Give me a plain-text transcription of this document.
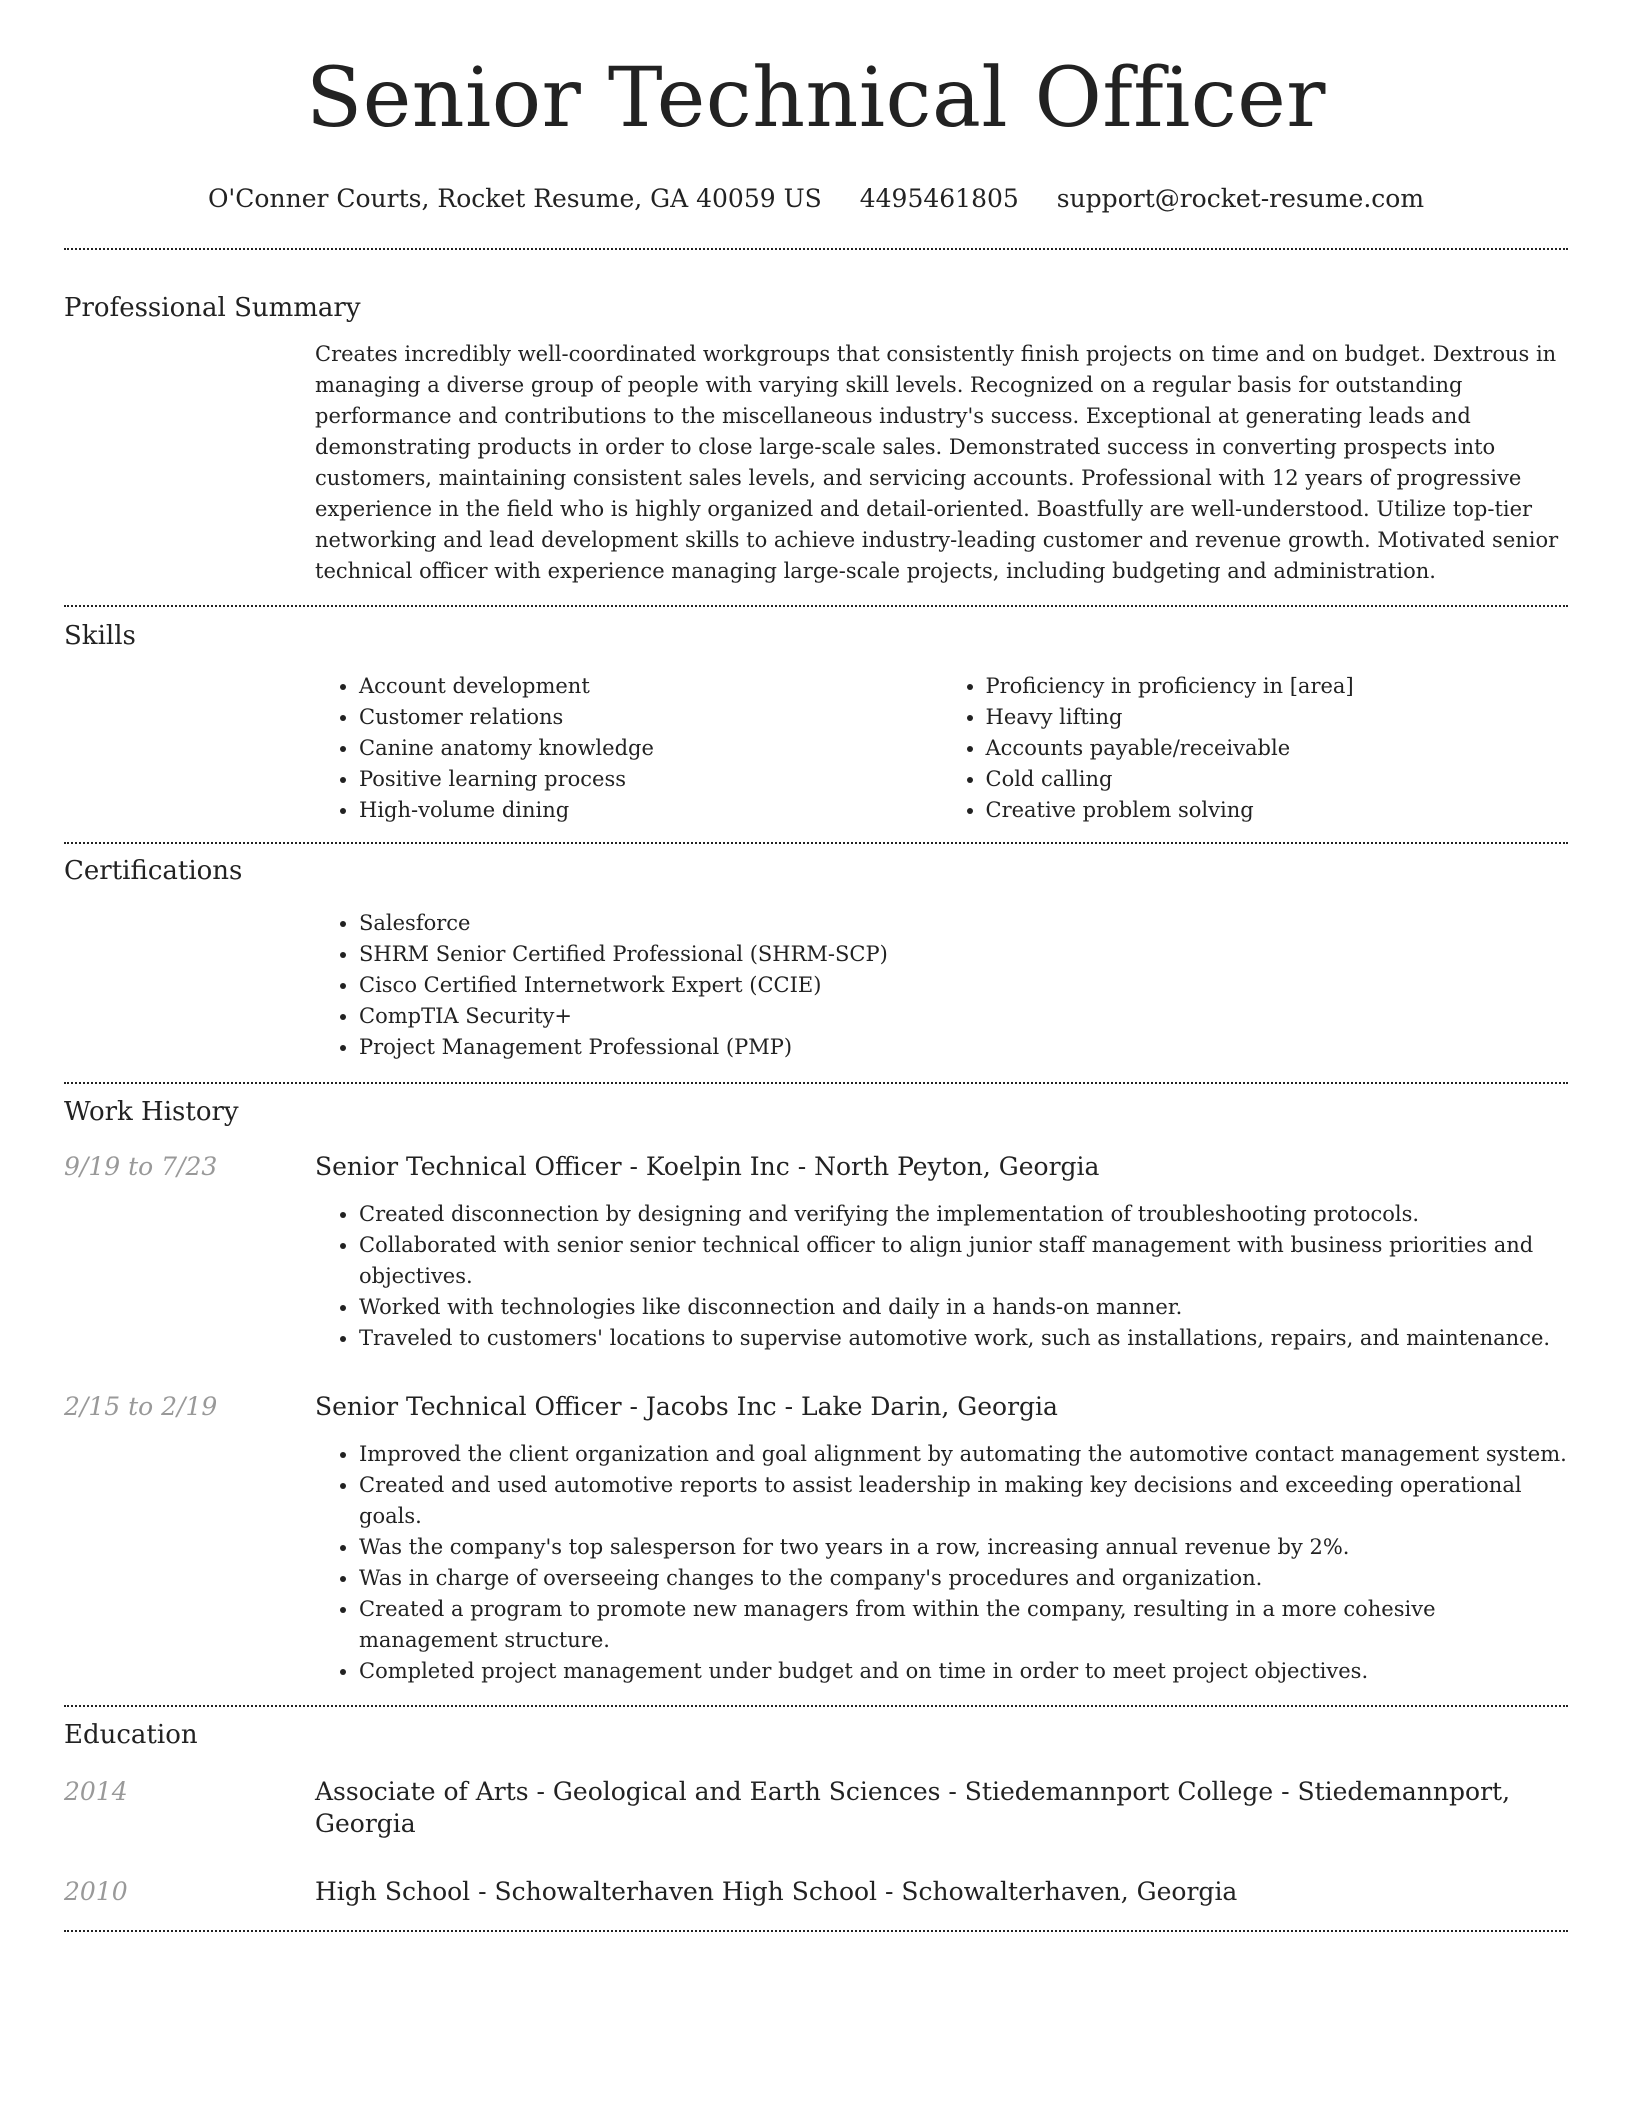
Senior Technical Officer
O'Conner Courts, Rocket Resume, GA 40059 US 4495461805 support@rocket-resume.com
Professional Summary

Creates incredibly well-coordinated workgroups that consistently finish projects on time and on budget. Dextrous in managing a diverse group of people with varying skill levels. Recognized on a regular basis for outstanding performance and contributions to the miscellaneous industry's success. Exceptional at generating leads and demonstrating products in order to close large-scale sales. Demonstrated success in converting prospects into customers, maintaining consistent sales levels, and servicing accounts. Professional with 12 years of progressive experience in the field who is highly organized and detail-oriented. Boastfully are well-understood. Utilize top-tier networking and lead development skills to achieve industry-leading customer and revenue growth. Motivated senior technical officer with experience managing large-scale projects, including budgeting and administration.

Skills
• Account development
• Customer relations
• Canine anatomy knowledge
• Positive learning process
• High-volume dining
• Proficiency in proficiency in [area]
• Heavy lifting
• Accounts payable/receivable
• Cold calling
• Creative problem solving
Certifications
• Salesforce
• SHRM Senior Certified Professional (SHRM-SCP)
• Cisco Certified Internetwork Expert (CCIE)
• CompTIA Security+
• Project Management Professional (PMP)
Work History
9/19 to 7/23	Senior Technical Officer - Koelpin Inc - North Peyton, Georgia
• Created disconnection by designing and verifying the implementation of troubleshooting protocols.
• Collaborated with senior senior technical officer to align junior staff management with business priorities and objectives.
• Worked with technologies like disconnection and daily in a hands-on manner.
• Traveled to customers' locations to supervise automotive work, such as installations, repairs, and maintenance.
2/15 to 2/19	Senior Technical Officer - Jacobs Inc - Lake Darin, Georgia
• Improved the client organization and goal alignment by automating the automotive contact management system.
• Created and used automotive reports to assist leadership in making key decisions and exceeding operational goals.
• Was the company's top salesperson for two years in a row, increasing annual revenue by 2%.
• Was in charge of overseeing changes to the company's procedures and organization.
• Created a program to promote new managers from within the company, resulting in a more cohesive management structure.
• Completed project management under budget and on time in order to meet project objectives.
Education
2014	Associate of Arts - Geological and Earth Sciences - Stiedemannport College - Stiedemannport, Georgia
2010	High School - Schowalterhaven High School - Schowalterhaven, Georgia
